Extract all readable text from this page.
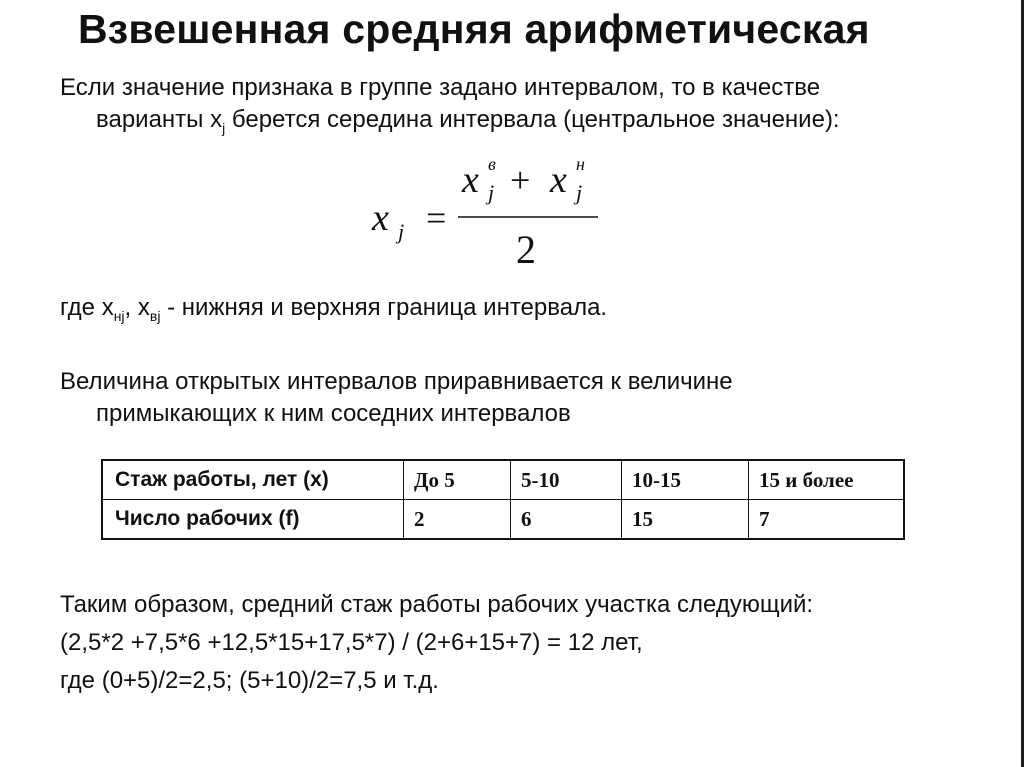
Взвешенная средняя арифметическая
Если значение признака в группе задано интервалом, то в качестве
варианты $x_j$ берется середина интервала (центральное значение):
x j =
x в
j + x н
j
2
где $x_{нj}$, $x_{вj}$ - нижняя и верхняя граница интервала.
Величина открытых интервалов приравнивается к величине
примыкающих к ним соседних интервалов
Стаж работы, лет (x)	До 5	5-10	10-15	15 и более
Число рабочих (f)	2	6	15	7
Таким образом, средний стаж работы рабочих участка следующий:
(2,5*2 +7,5*6 +12,5*15+17,5*7) / (2+6+15+7) = 12 лет,
где (0+5)/2=2,5; (5+10)/2=7,5 и т.д.
